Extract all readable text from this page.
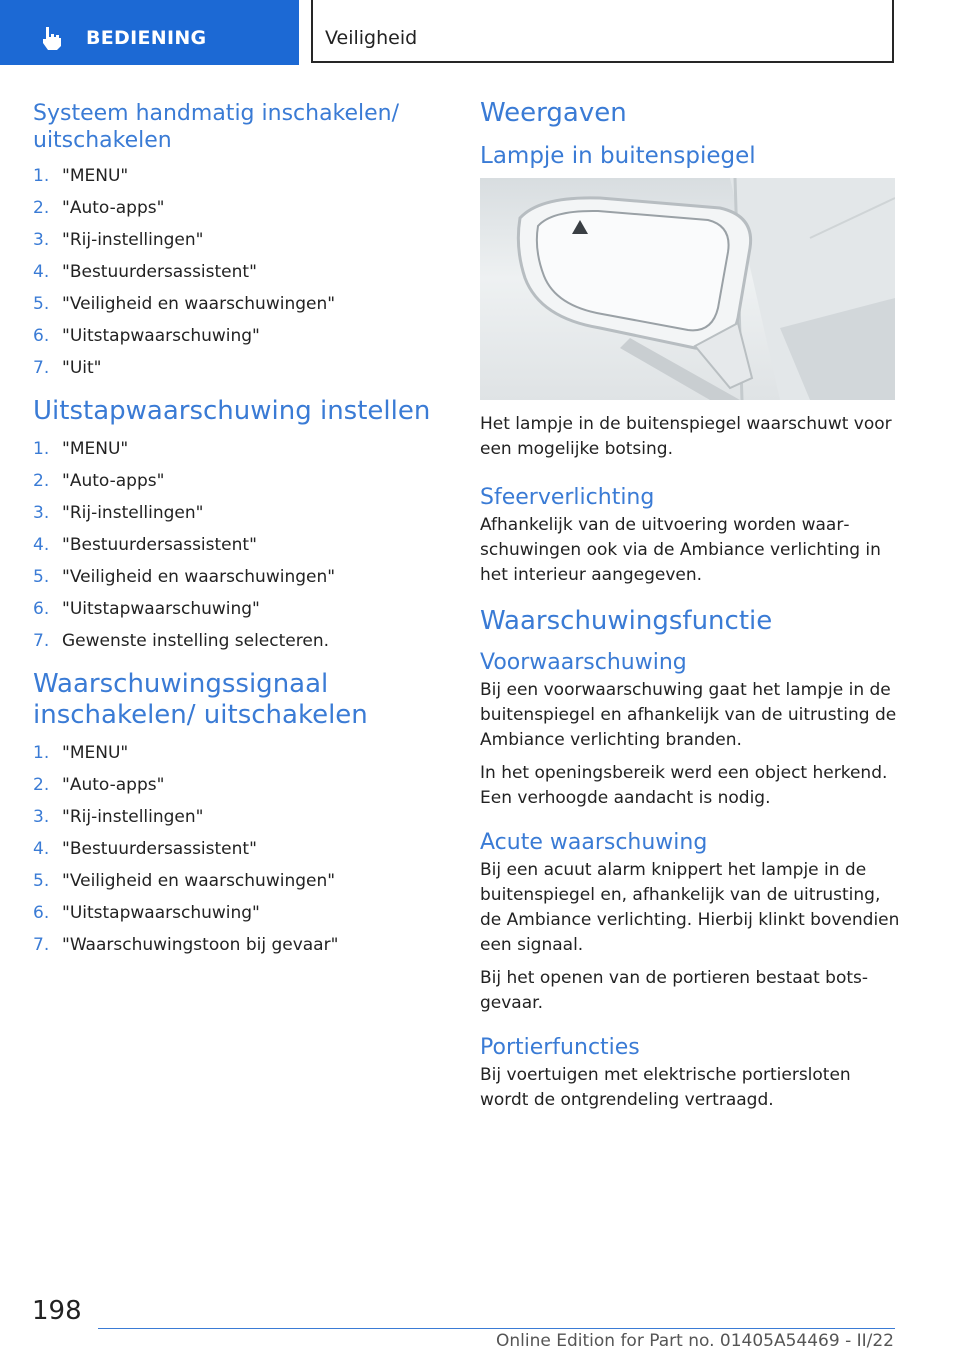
BEDIENING	Veiligheid
Systeem handmatig inschakelen/ uitschakelen
1. "MENU"
2. "Auto-apps"
3. "Rij-instellingen"
4. "Bestuurdersassistent"
5. "Veiligheid en waarschuwingen"
6. "Uitstapwaarschuwing"
7. "Uit"
Uitstapwaarschuwing instellen
1. "MENU"
2. "Auto-apps"
3. "Rij-instellingen"
4. "Bestuurdersassistent"
5. "Veiligheid en waarschuwingen"
6. "Uitstapwaarschuwing"
7. Gewenste instelling selecteren.
Waarschuwingssignaal inschakelen/ uitschakelen
1. "MENU"
2. "Auto-apps"
3. "Rij-instellingen"
4. "Bestuurdersassistent"
5. "Veiligheid en waarschuwingen"
6. "Uitstapwaarschuwing"
7. "Waarschuwingstoon bij gevaar"
Weergaven
Lampje in buitenspiegel

Het lampje in de buitenspiegel waarschuwt voor een mogelijke botsing.

Sfeerverlichting

Afhankelijk van de uitvoering worden waarschuwingen ook via de Ambiance verlichting in het interieur aangegeven.

Waarschuwingsfunctie
Voorwaarschuwing

Bij een voorwaarschuwing gaat het lampje in de buitenspiegel en afhankelijk van de uitrusting de Ambiance verlichting branden.

In het openingsbereik werd een object herkend. Een verhoogde aandacht is nodig.

Acute waarschuwing

Bij een acuut alarm knippert het lampje in de buitenspiegel en, afhankelijk van de uitrusting, de Ambiance verlichting. Hierbij klinkt bovendien een signaal.

Bij het openen van de portieren bestaat botsgevaar.

Portierfuncties

Bij voertuigen met elektrische portiersloten wordt de ontgrendeling vertraagd.

198
Online Edition for Part no. 01405A54469 - II/22
